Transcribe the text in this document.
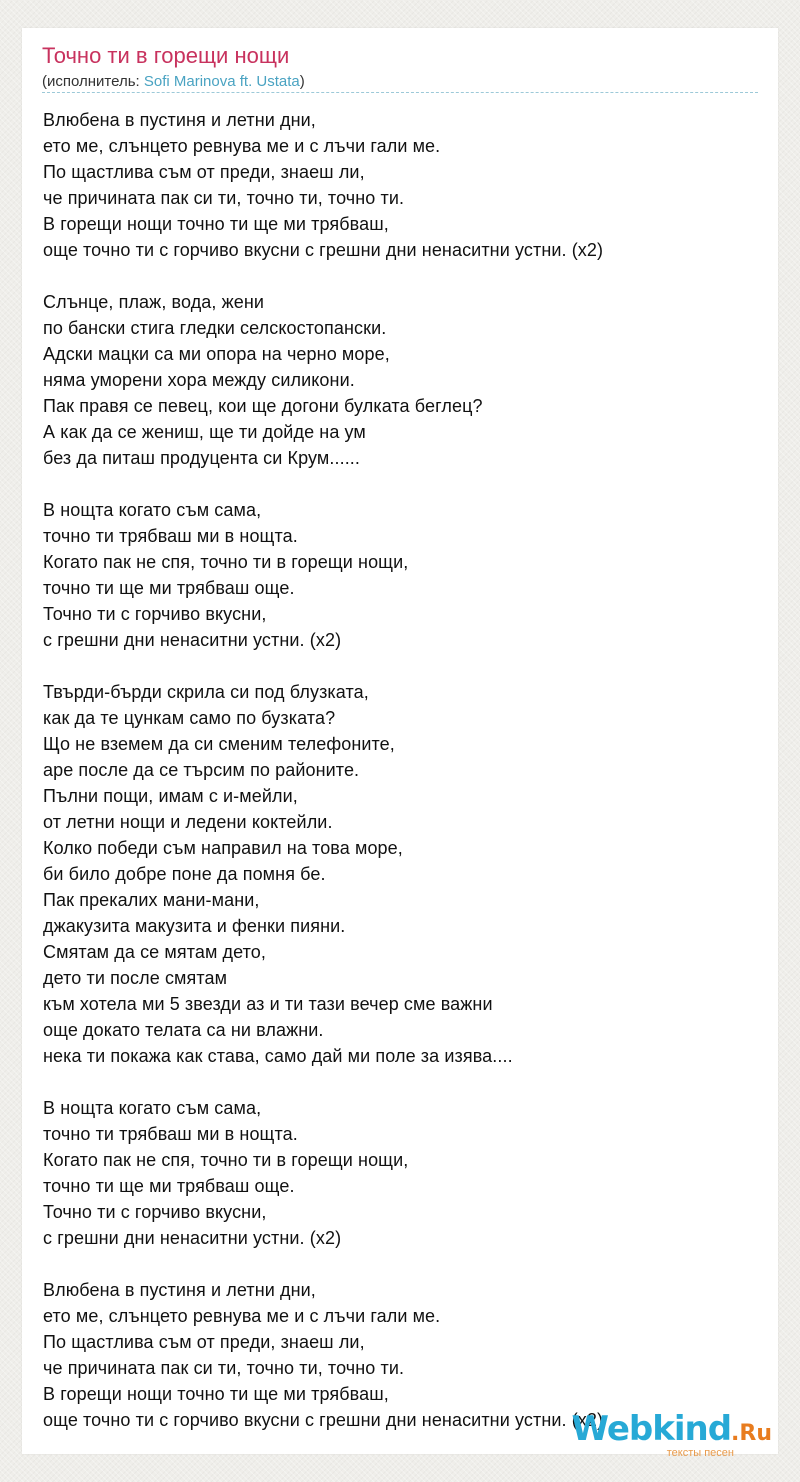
Точно ти в горещи нощи
(исполнитель: Sofi Marinova ft. Ustata)
Влюбена в пустиня и летни дни,
ето ме, слънцето ревнува ме и с лъчи гали ме.
По щастлива съм от преди, знаеш ли,
че причината пак си ти, точно ти, точно ти.
В горещи нощи точно ти ще ми трябваш,
още точно ти с горчиво вкусни с грешни дни ненаситни устни. (x2)

Слънце, плаж, вода, жени
по бански стига гледки селскостопански.
Адски мацки са ми опора на черно море,
няма уморени хора между силикони.
Пак правя се певец, кои ще догони булката беглец?
А как да се жениш, ще ти дойде на ум
без да питаш продуцента си Крум......

В нощта когато съм сама,
точно ти трябваш ми в нощта.
Когато пак не спя, точно ти в горещи нощи,
точно ти ще ми трябваш още.
Точно ти с горчиво вкусни,
с грешни дни ненаситни устни. (x2)

Твърди-бърди скрила си под блузката,
как да те цункам само по бузката?
Що не вземем да си сменим телефоните,
аре после да се търсим по районите.
Пълни пощи, имам с и-мейли,
от летни нощи и ледени коктейли.
Колко победи съм направил на това море,
би било добре поне да помня бе.
Пак прекалих мани-мани,
джакузита макузита и фенки пияни.
Смятам да се мятам дето,
дето ти после смятам
към хотела ми 5 звезди аз и ти тази вечер сме важни
още докато телата са ни влажни.
нека ти покажа как става, само дай ми поле за изява....

В нощта когато съм сама,
точно ти трябваш ми в нощта.
Когато пак не спя, точно ти в горещи нощи,
точно ти ще ми трябваш още.
Точно ти с горчиво вкусни,
с грешни дни ненаситни устни. (x2)

Влюбена в пустиня и летни дни,
ето ме, слънцето ревнува ме и с лъчи гали ме.
По щастлива съм от преди, знаеш ли,
че причината пак си ти, точно ти, точно ти.
В горещи нощи точно ти ще ми трябваш,
още точно ти с горчиво вкусни с грешни дни ненаситни устни. (x2)

Webkind.Ru
тексты песен
